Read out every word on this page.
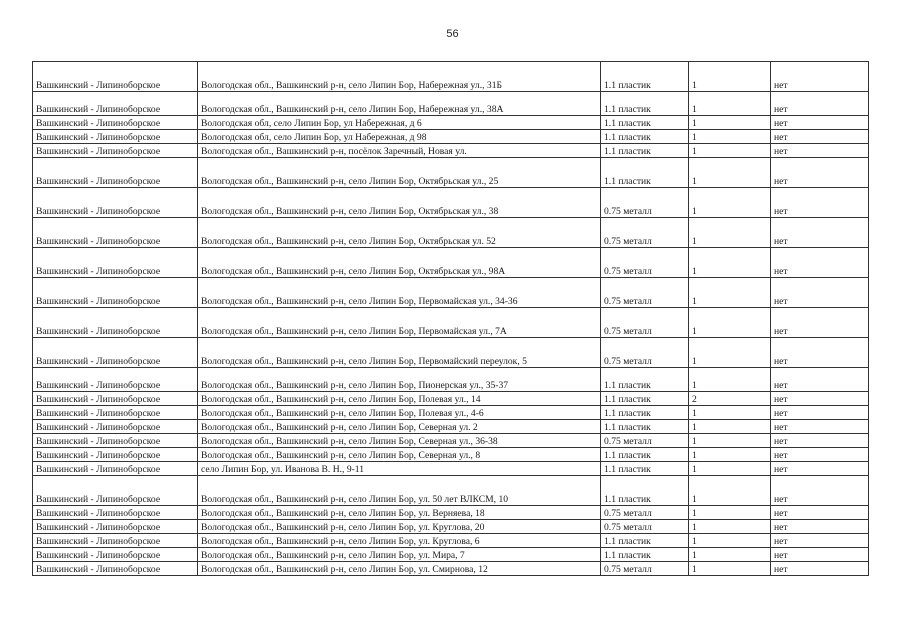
56
Вашкинский - Липиноборское	Вологодская обл., Вашкинский р-н, село Липин Бор, Набережная ул., 31Б	1.1 пластик	1	нет
Вашкинский - Липиноборское	Вологодская обл., Вашкинский р-н, село Липин Бор, Набережная ул., 38А	1.1 пластик	1	нет
Вашкинский - Липиноборское	Вологодская обл, село Липин Бор, ул Набережная, д 6	1.1 пластик	1	нет
Вашкинский - Липиноборское	Вологодская обл, село Липин Бор, ул Набережная, д 98	1.1 пластик	1	нет
Вашкинский - Липиноборское	Вологодская обл., Вашкинский р-н, посёлок Заречный, Новая ул.	1.1 пластик	1	нет
Вашкинский - Липиноборское	Вологодская обл., Вашкинский р-н, село Липин Бор, Октябрьская ул., 25	1.1 пластик	1	нет
Вашкинский - Липиноборское	Вологодская обл., Вашкинский р-н, село Липин Бор, Октябрьская ул., 38	0.75 металл	1	нет
Вашкинский - Липиноборское	Вологодская обл., Вашкинский р-н, село Липин Бор, Октябрьская ул. 52	0.75 металл	1	нет
Вашкинский - Липиноборское	Вологодская обл., Вашкинский р-н, село Липин Бор, Октябрьская ул., 98А	0.75 металл	1	нет
Вашкинский - Липиноборское	Вологодская обл., Вашкинский р-н, село Липин Бор, Первомайская ул., 34-36	0.75 металл	1	нет
Вашкинский - Липиноборское	Вологодская обл., Вашкинский р-н, село Липин Бор, Первомайская ул., 7А	0.75 металл	1	нет
Вашкинский - Липиноборское	Вологодская обл., Вашкинский р-н, село Липин Бор, Первомайский переулок, 5	0.75 металл	1	нет
Вашкинский - Липиноборское	Вологодская обл., Вашкинский р-н, село Липин Бор, Пионерская ул., 35-37	1.1 пластик	1	нет
Вашкинский - Липиноборское	Вологодская обл., Вашкинский р-н, село Липин Бор, Полевая ул., 14	1.1 пластик	2	нет
Вашкинский - Липиноборское	Вологодская обл., Вашкинский р-н, село Липин Бор, Полевая ул., 4-6	1.1 пластик	1	нет
Вашкинский - Липиноборское	Вологодская обл., Вашкинский р-н, село Липин Бор, Северная ул. 2	1.1 пластик	1	нет
Вашкинский - Липиноборское	Вологодская обл., Вашкинский р-н, село Липин Бор, Северная ул., 36-38	0.75 металл	1	нет
Вашкинский - Липиноборское	Вологодская обл., Вашкинский р-н, село Липин Бор, Северная ул., 8	1.1 пластик	1	нет
Вашкинский - Липиноборское	село Липин Бор, ул. Иванова В. Н., 9-11	1.1 пластик	1	нет
Вашкинский - Липиноборское	Вологодская обл., Вашкинский р-н, село Липин Бор, ул. 50 лет ВЛКСМ, 10	1.1 пластик	1	нет
Вашкинский - Липиноборское	Вологодская обл., Вашкинский р-н, село Липин Бор, ул. Верняева, 18	0.75 металл	1	нет
Вашкинский - Липиноборское	Вологодская обл., Вашкинский р-н, село Липин Бор, ул. Круглова, 20	0.75 металл	1	нет
Вашкинский - Липиноборское	Вологодская обл., Вашкинский р-н, село Липин Бор, ул. Круглова, 6	1.1 пластик	1	нет
Вашкинский - Липиноборское	Вологодская обл., Вашкинский р-н, село Липин Бор, ул. Мира, 7	1.1 пластик	1	нет
Вашкинский - Липиноборское	Вологодская обл., Вашкинский р-н, село Липин Бор, ул. Смирнова, 12	0.75 металл	1	нет
